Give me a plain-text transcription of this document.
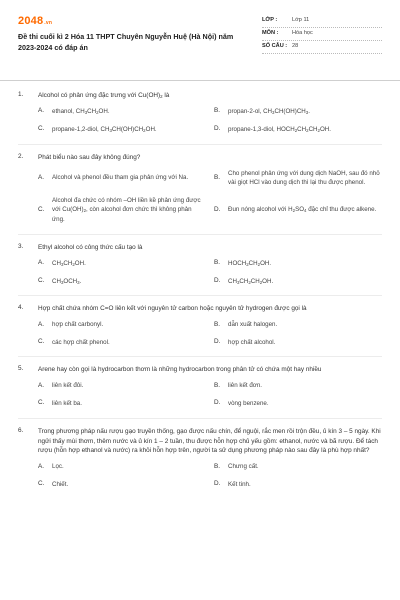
2048.vn
Đề thi cuối kì 2 Hóa 11 THPT Chuyên Nguyễn Huệ (Hà Nội) năm 2023-2024 có đáp án
LỚP :	Lớp 11
MÔN :	Hóa học
SỐ CÂU : 28
1.	Alcohol có phản ứng đặc trưng với $Cu(OH)_2$ là
A.	ethanol, $CH_3CH_2OH$.	B.	propan-2-ol, $CH_3CH(OH)CH_3$.
C.	propane-1,2-diol, $CH_3CH(OH)CH_2OH$.	D.	propane-1,3-diol, $HOCH_2CH_2CH_2OH$.
2.	Phát biểu nào sau đây không đúng?
A.	Alcohol và phenol đều tham gia phản ứng với Na.	B.
Cho phenol phản ứng với dung dịch NaOH, sau đó nhỏ vài giọt HCl vào dung dịch thì lại thu được phenol.
C.
Alcohol đa chức có nhóm –OH liền kề phản ứng được với $Cu(OH)_2$, còn alcohol đơn chức thì không phản ứng.
D.	Đun nóng alcohol với $H_2SO_4$ đặc chỉ thu được alkene.
3.	Ethyl alcohol có công thức cấu tạo là
A.	$CH_3CH_2OH$.	B.	$HOCH_2CH_2OH$.
C.	$CH_3OCH_3$.	D.	$CH_3CH_2CH_2OH$.
4.	Hợp chất chứa nhóm C=O liên kết với nguyên tử carbon hoặc nguyên tử hydrogen được gọi là
A.	hợp chất carbonyl.	B.	dẫn xuất halogen.
C.	các hợp chất phenol.	D.	hợp chất alcohol.
5.	Arene hay còn gọi là hydrocarbon thơm là những hydrocarbon trong phân tử có chứa một hay nhiều
A.	liên kết đôi.	B.	liên kết đơn.
C.	liên kết ba.	D.	vòng benzene.
6.	Trong phương pháp nấu rượu gạo truyền thống, gạo được nấu chín, để nguội, rắc men rồi trộn đều, ủ kín 3 – 5 ngày. Khi ngửi thấy mùi thơm, thêm nước và ủ kín 1 – 2 tuần, thu được hỗn hợp chủ yếu gồm: ethanol, nước và bã rượu. Để tách rượu (hỗn hợp ethanol và nước) ra khỏi hỗn hợp trên, người ta sử dụng phương pháp nào sau đây là phù hợp nhất?
A.	Lọc.	B.	Chưng cất.
C.	Chiết.	D.	Kết tinh.
